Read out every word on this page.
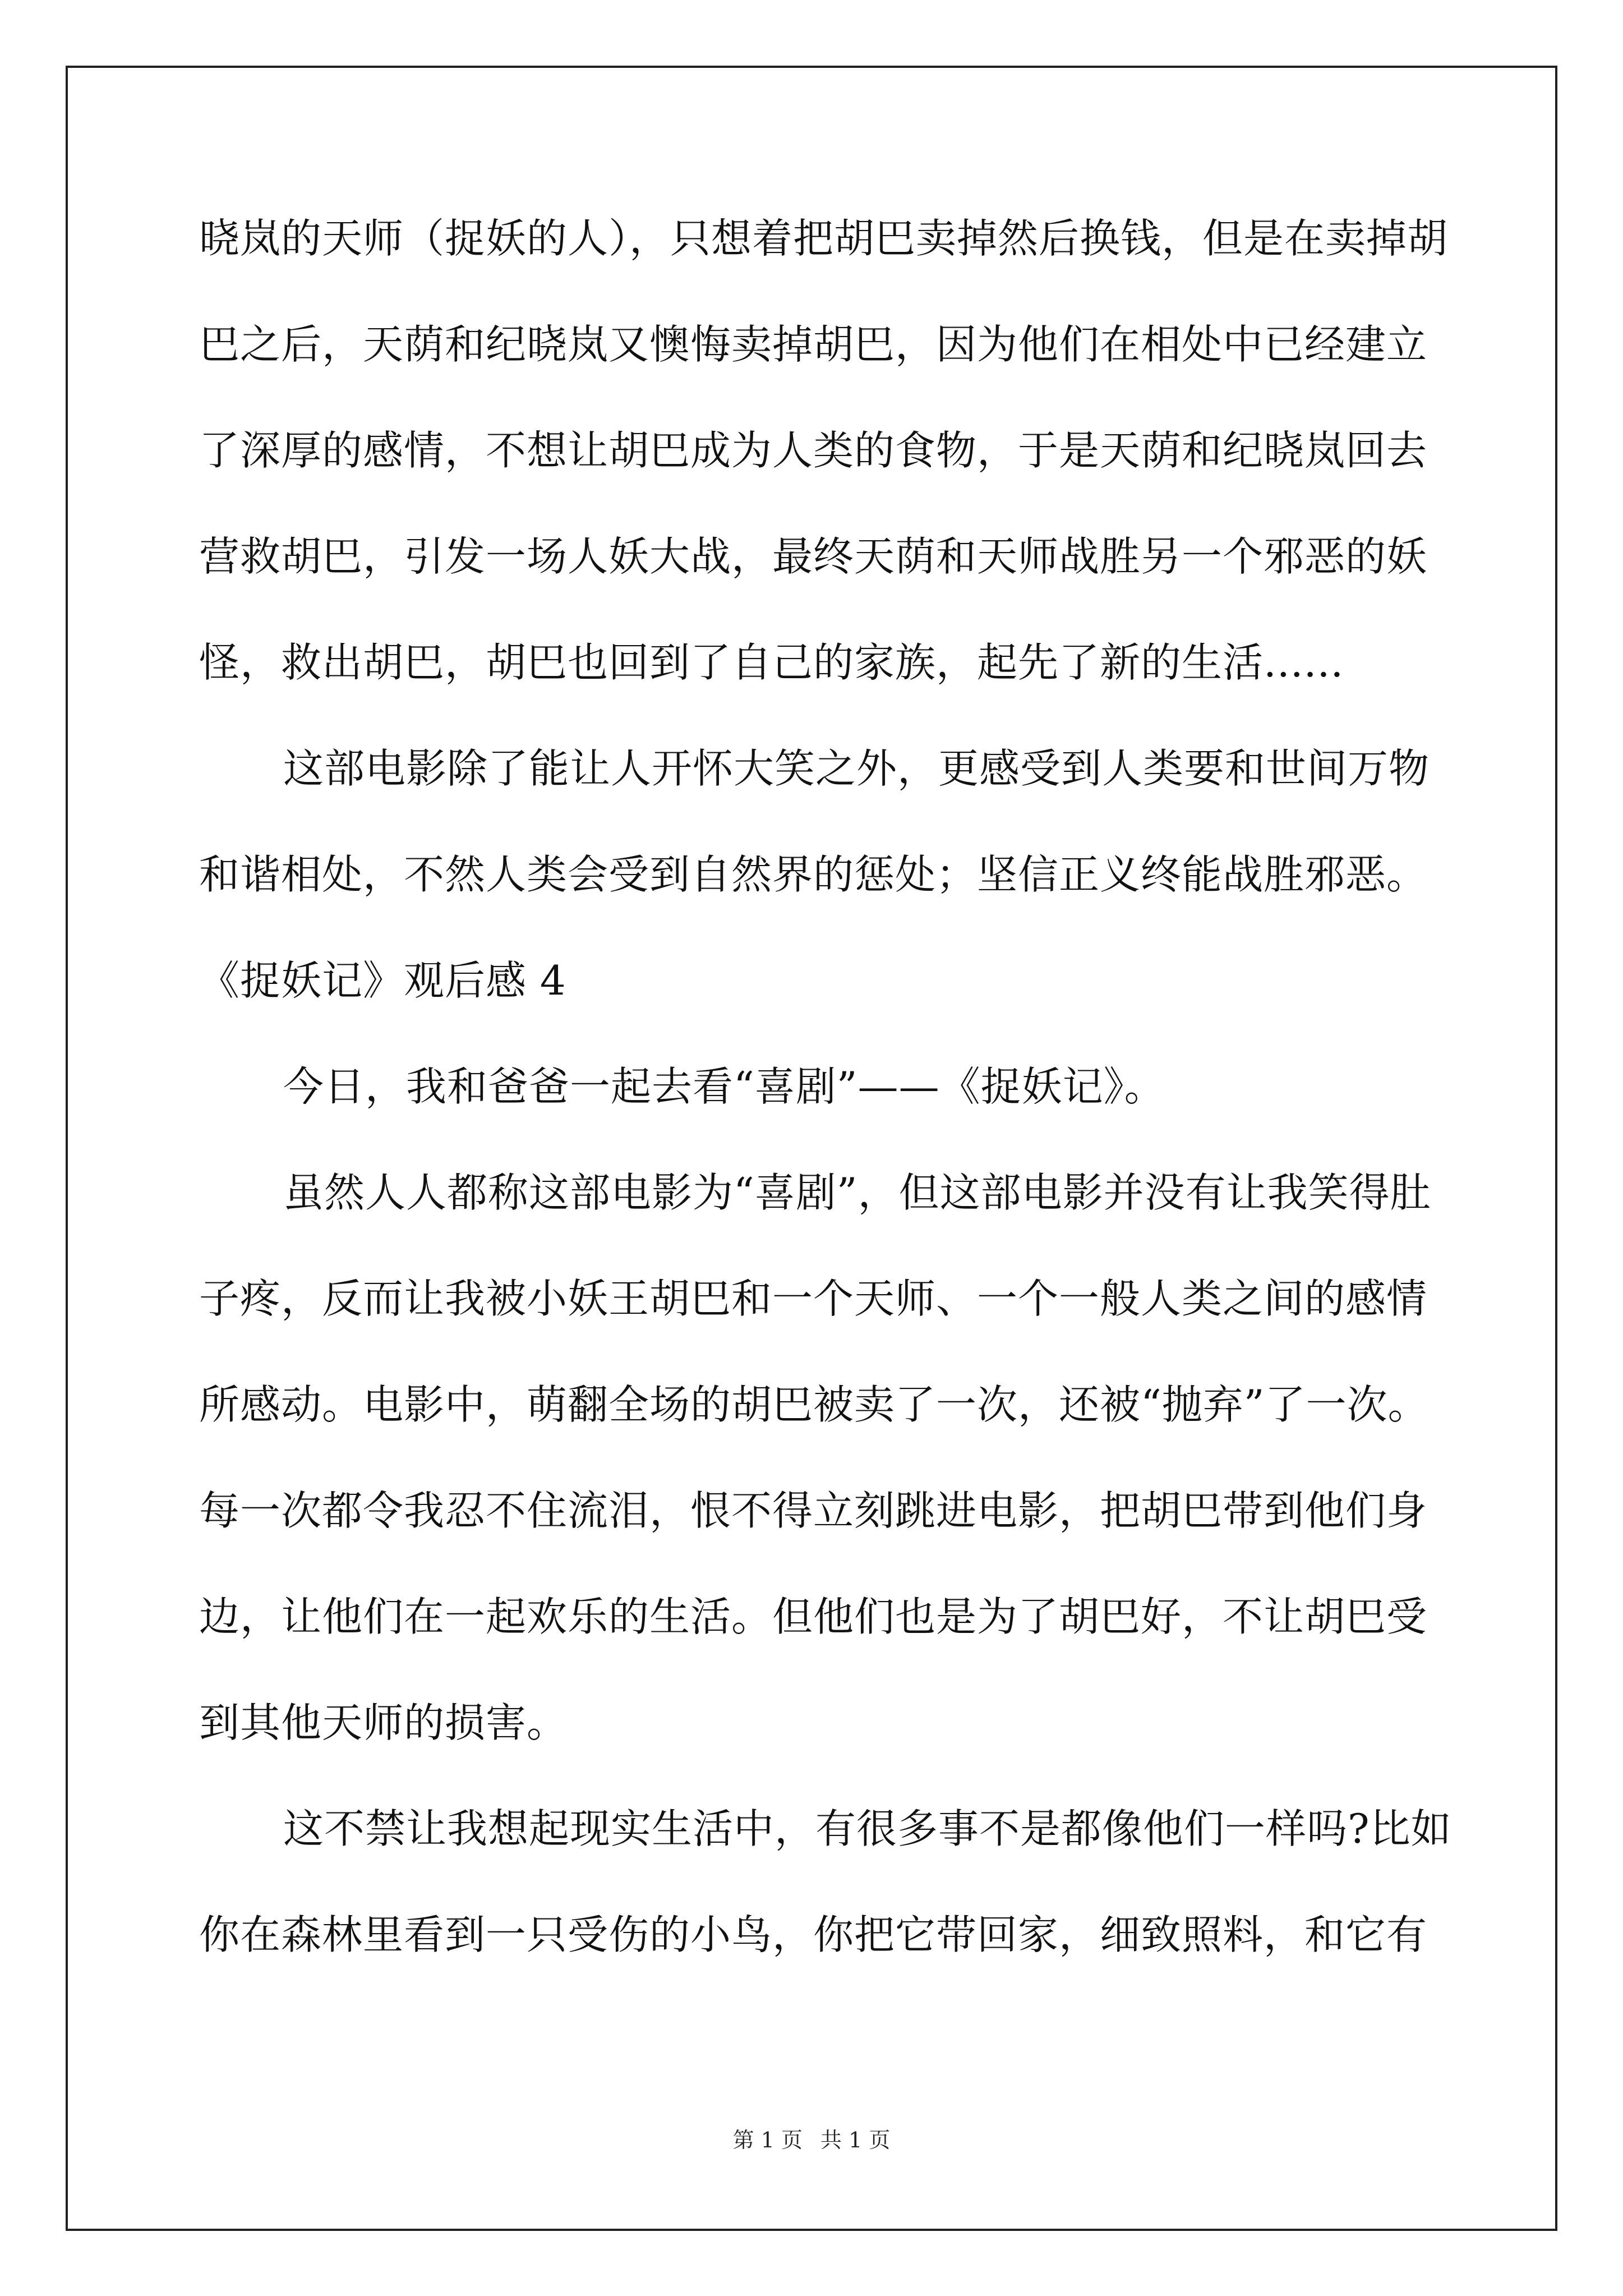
晓岚的天师（捉妖的人），只想着把胡巴卖掉然后换钱，但是在卖掉胡
巴之后，天荫和纪晓岚又懊悔卖掉胡巴，因为他们在相处中已经建立
了深厚的感情，不想让胡巴成为人类的食物，于是天荫和纪晓岚回去
营救胡巴，引发一场人妖大战，最终天荫和天师战胜另一个邪恶的妖
怪，救出胡巴，胡巴也回到了自己的家族，起先了新的生活......
这部电影除了能让人开怀大笑之外，更感受到人类要和世间万物
和谐相处，不然人类会受到自然界的惩处；坚信正义终能战胜邪恶。
《捉妖记》观后感 4
今日，我和爸爸一起去看“喜剧”——《捉妖记》。
虽然人人都称这部电影为“喜剧”，但这部电影并没有让我笑得肚
子疼，反而让我被小妖王胡巴和一个天师、一个一般人类之间的感情
所感动。电影中，萌翻全场的胡巴被卖了一次，还被“抛弃”了一次。
每一次都令我忍不住流泪，恨不得立刻跳进电影，把胡巴带到他们身
边，让他们在一起欢乐的生活。但他们也是为了胡巴好，不让胡巴受
到其他天师的损害。
这不禁让我想起现实生活中，有很多事不是都像他们一样吗?比如
你在森林里看到一只受伤的小鸟，你把它带回家，细致照料，和它有
第 1 页 共 1 页
